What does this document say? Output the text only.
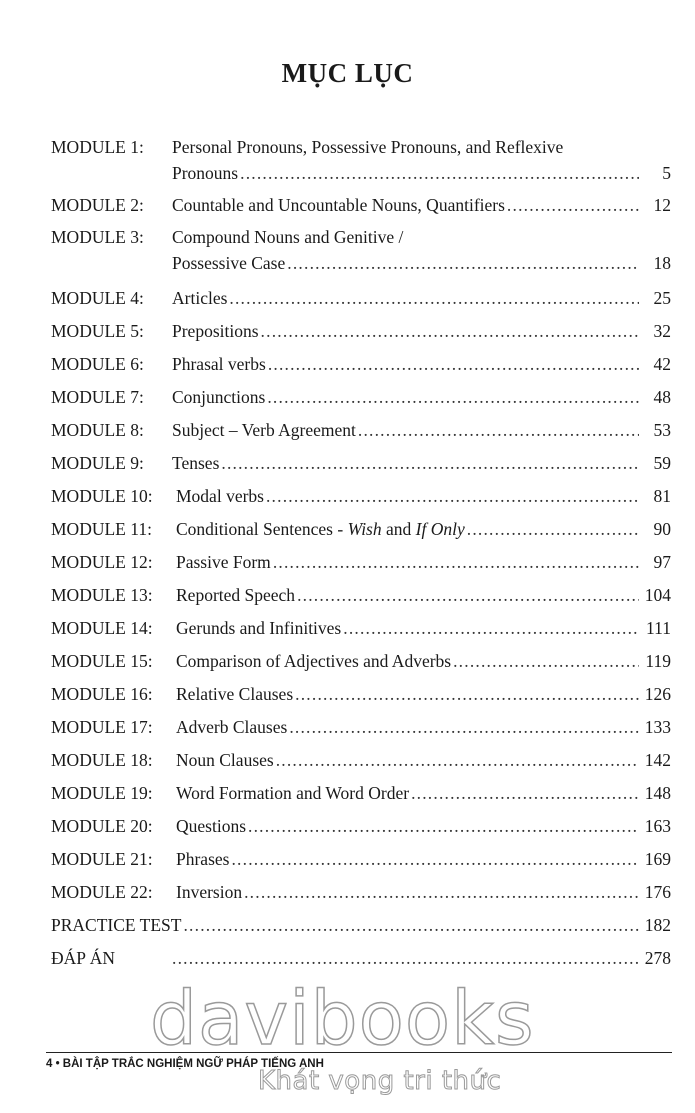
MỤC LỤC
MODULE 1: Personal Pronouns, Possessive Pronouns, and Reflexive
Pronouns .....	5
MODULE 2: Countable and Uncountable Nouns, Quantifiers .....	12
MODULE 3: Compound Nouns and Genitive /
Possessive Case .....	18
MODULE 4: Articles .....	25
MODULE 5: Prepositions .....	32
MODULE 6: Phrasal verbs .....	42
MODULE 7: Conjunctions .....	48
MODULE 8: Subject – Verb Agreement .....	53
MODULE 9: Tenses .....	59
MODULE 10: Modal verbs .....	81
MODULE 11: Conditional Sentences - Wish and If Only .....	90
MODULE 12: Passive Form .....	97
MODULE 13: Reported Speech .....	104
MODULE 14: Gerunds and Infinitives .....	111
MODULE 15: Comparison of Adjectives and Adverbs .....	119
MODULE 16: Relative Clauses .....	126
MODULE 17: Adverb Clauses .....	133
MODULE 18: Noun Clauses .....	142
MODULE 19: Word Formation and Word Order .....	148
MODULE 20: Questions .....	163
MODULE 21: Phrases .....	169
MODULE 22: Inversion .....	176
PRACTICE TEST .....	182
ĐÁP ÁN .....	278
davibooks
4 • BÀI TẬP TRẮC NGHIỆM NGỮ PHÁP TIẾNG ANH
Khát vọng tri thức
